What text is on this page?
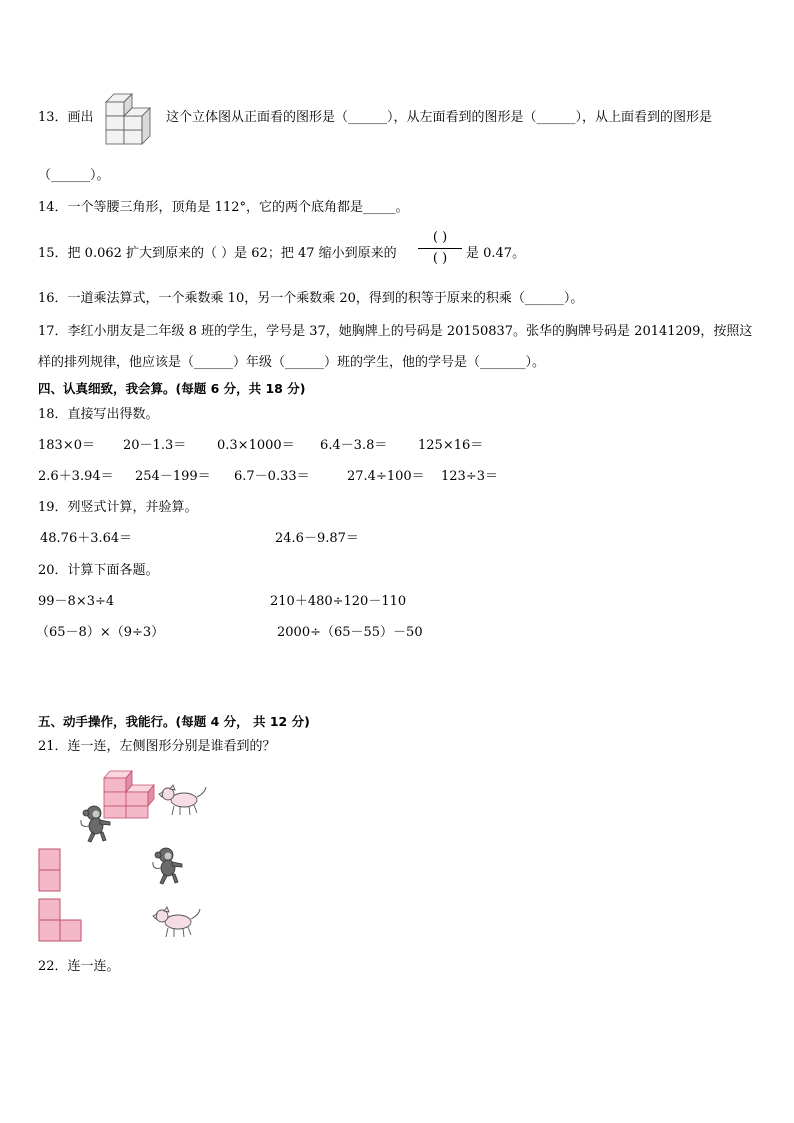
13．画出	这个立体图从正面看的图形是（______），从左面看到的图形是（______），从上面看到的图形是
（______）。
14．一个等腰三角形，顶角是 112°，它的两个底角都是_____。
15．把 0.062 扩大到原来的（ ）是 62；把 47 缩小到原来的
( )
( )	是 0.47。
16．一道乘法算式，一个乘数乘 10，另一个乘数乘 20，得到的积等于原来的积乘（______）。
17．李红小朋友是二年级 8 班的学生，学号是 37，她胸牌上的号码是 20150837。张华的胸牌号码是 20141209，按照这
样的排列规律，他应该是（______）年级（______）班的学生，他的学号是（_______）。
四、认真细致，我会算。(每题 6 分，共 18 分)
18．直接写出得数。
183×0＝ 20－1.3＝ 0.3×1000＝ 6.4－3.8＝ 125×16＝
2.6＋3.94＝ 254－199＝ 6.7－0.33＝	27.4÷100＝ 123÷3＝
19．列竖式计算，并验算。
48.76＋3.64＝	24.6－9.87＝
20．计算下面各题。
99－8×3÷4	210＋480÷120－110
（65－8）×（9÷3）	2000÷（65－55）－50
五、动手操作，我能行。(每题 4 分， 共 12 分)
21．连一连，左侧图形分别是谁看到的？
22．连一连。
